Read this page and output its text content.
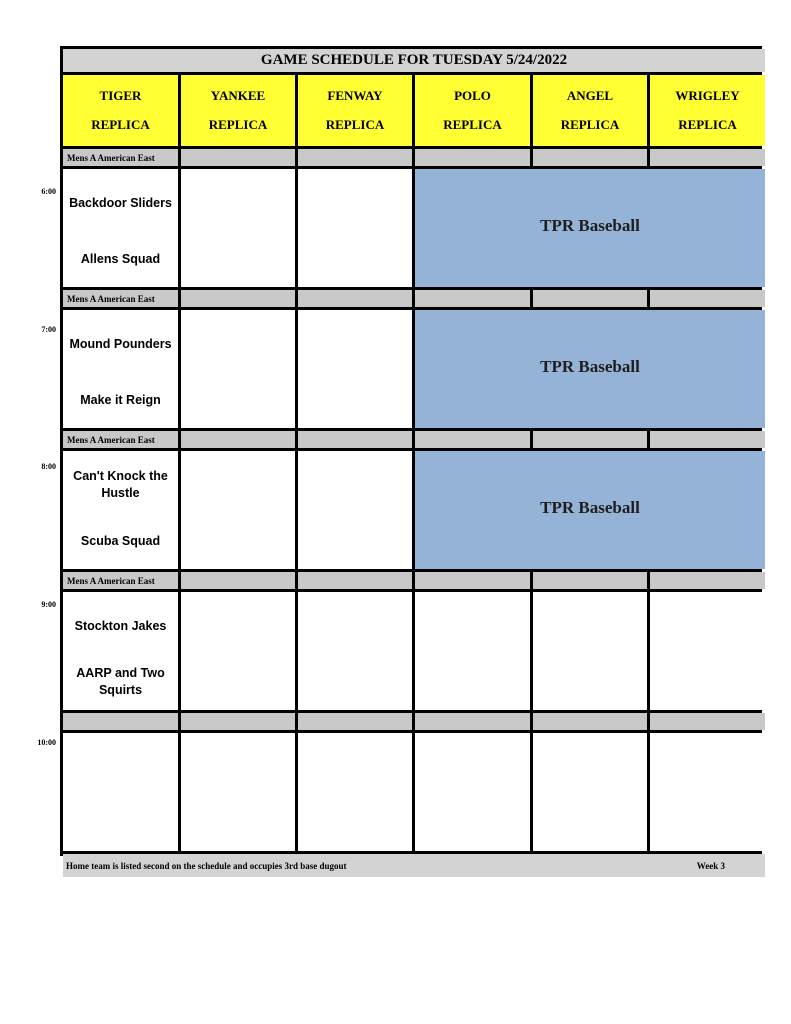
6:00
7:00
8:00
9:00
10:00
GAME SCHEDULE FOR TUESDAY 5/24/2022
TIGER
REPLICA
YANKEE
REPLICA
FENWAY
REPLICA
POLO
REPLICA
ANGEL
REPLICA
WRIGLEY
REPLICA
Mens A American East
Backdoor Sliders
Allens Squad
TPR Baseball
Mens A American East
Mound Pounders
Make it Reign
TPR Baseball
Mens A American East
Can't Knock the Hustle
Scuba Squad
TPR Baseball
Mens A American East
Stockton Jakes
AARP and Two Squirts
Home team is listed second on the schedule and occupies 3rd base dugout	Week 3
